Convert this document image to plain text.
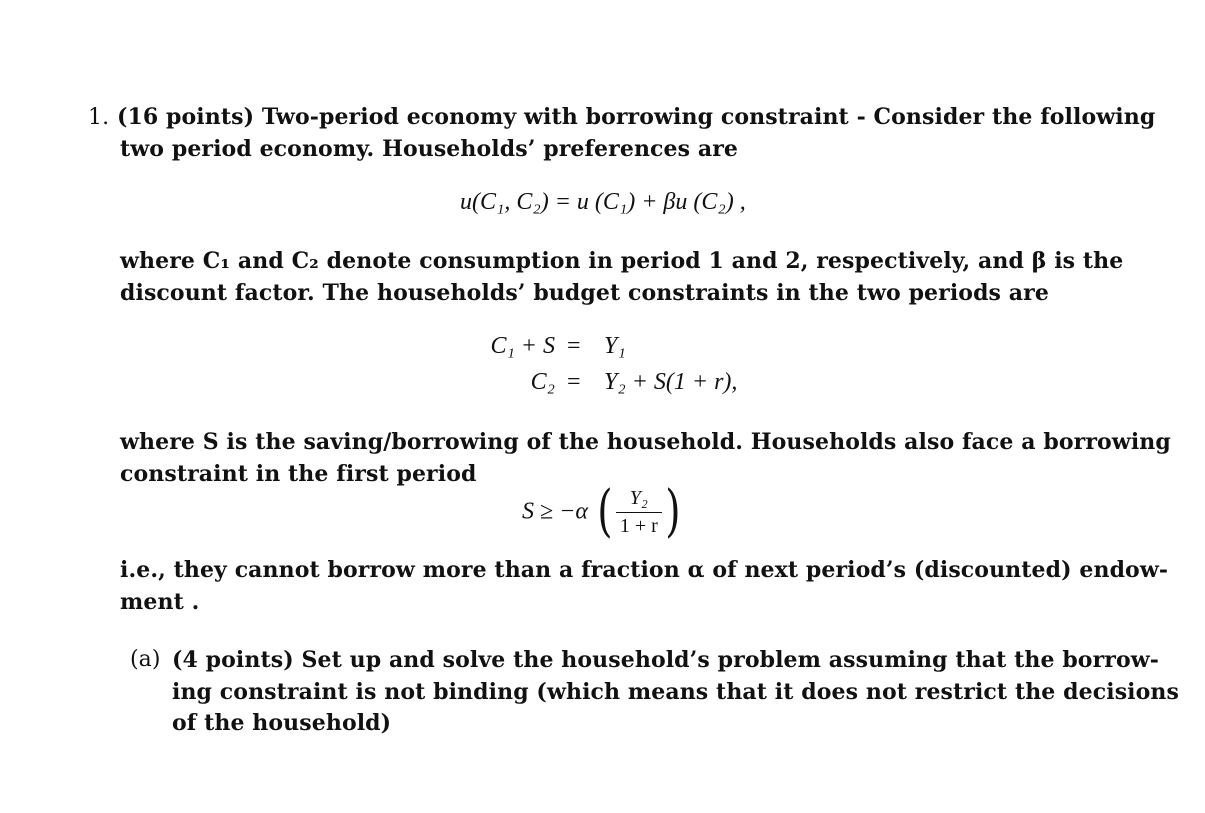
1. (16 points) Two-period economy with borrowing constraint - Consider the following
two period economy. Households’ preferences are
u(C₁, C₂) = u (C₁) + βu (C₂) ,
where C₁ and C₂ denote consumption in period 1 and 2, respectively, and β is the
discount factor. The households’ budget constraints in the two periods are
C₁ + S = Y₁
C₂ = Y₂ + S(1 + r),
where S is the saving/borrowing of the household. Households also face a borrowing
constraint in the first period
S ≥ −α ( $\frac{\text{Y₂}}{1 + r}$ )
i.e., they cannot borrow more than a fraction α of next period’s (discounted) endow-
ment .
(a) (4 points) Set up and solve the household’s problem assuming that the borrow-
ing constraint is not binding (which means that it does not restrict the decisions
of the household)
